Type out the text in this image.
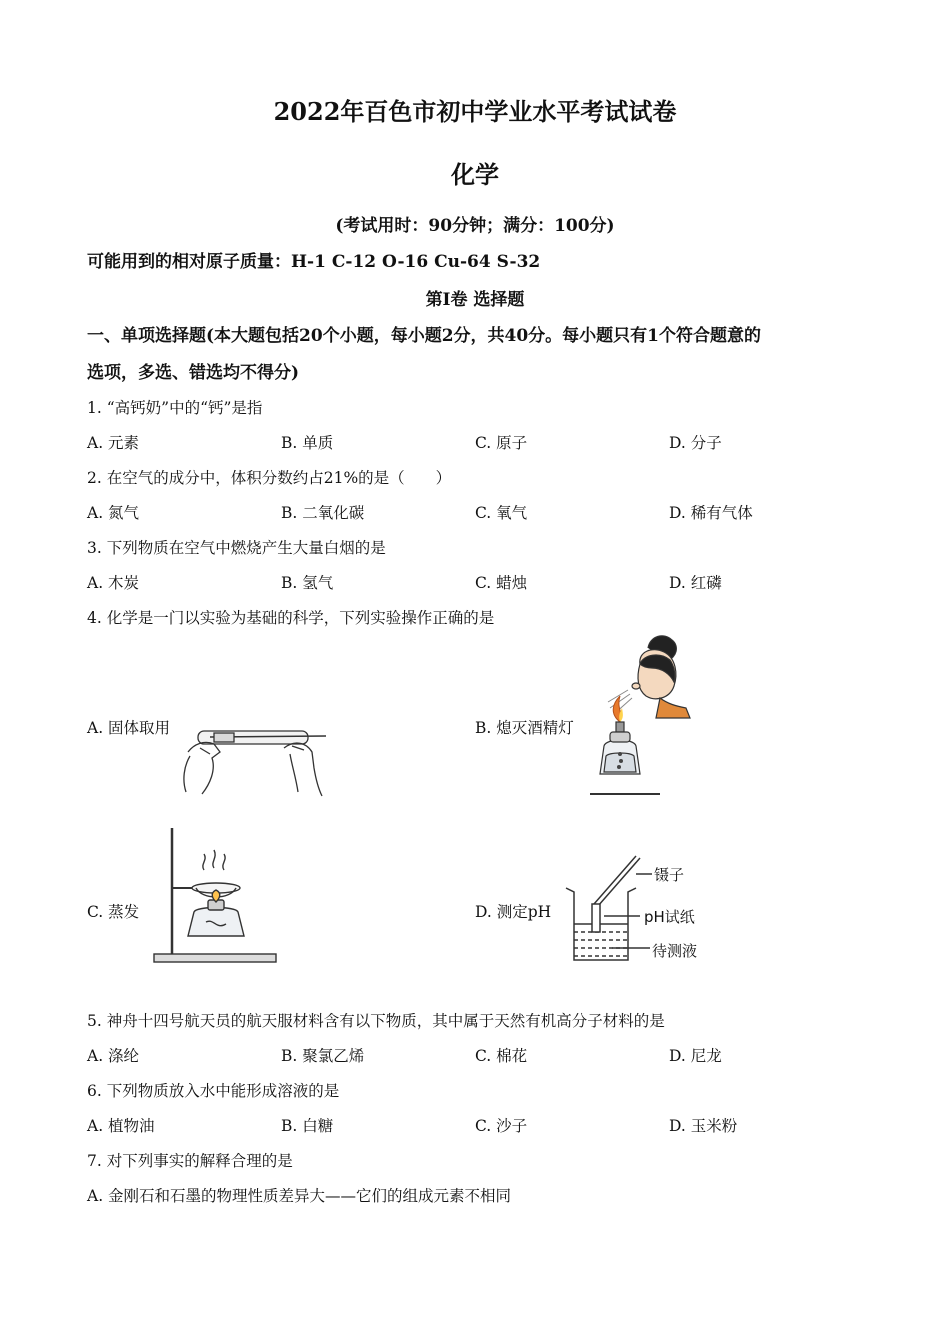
2022年百色市初中学业水平考试试卷
化学
(考试用时：90分钟；满分：100分)
可能用到的相对原子质量：H-1 C-12 O-16 Cu-64 S-32
第Ⅰ卷 选择题
一、单项选择题(本大题包括20个小题，每小题2分，共40分。每小题只有1个符合题意的
选项，多选、错选均不得分)
1. “高钙奶”中的“钙”是指
A. 元素	B. 单质	C. 原子	D. 分子
2. 在空气的成分中，体积分数约占21%的是（　　）
A. 氮气	B. 二氧化碳	C. 氧气	D. 稀有气体
3. 下列物质在空气中燃烧产生大量白烟的是
A. 木炭	B. 氢气	C. 蜡烛	D. 红磷
4. 化学是一门以实验为基础的科学，下列实验操作正确的是
A. 固体取用	B. 熄灭酒精灯
C. 蒸发	D. 测定pH
镊子
pH试纸
待测液
5. 神舟十四号航天员的航天服材料含有以下物质，其中属于天然有机高分子材料的是
A. 涤纶	B. 聚氯乙烯	C. 棉花	D. 尼龙
6. 下列物质放入水中能形成溶液的是
A. 植物油	B. 白糖	C. 沙子	D. 玉米粉
7. 对下列事实的解释合理的是
A. 金刚石和石墨的物理性质差异大——它们的组成元素不相同
